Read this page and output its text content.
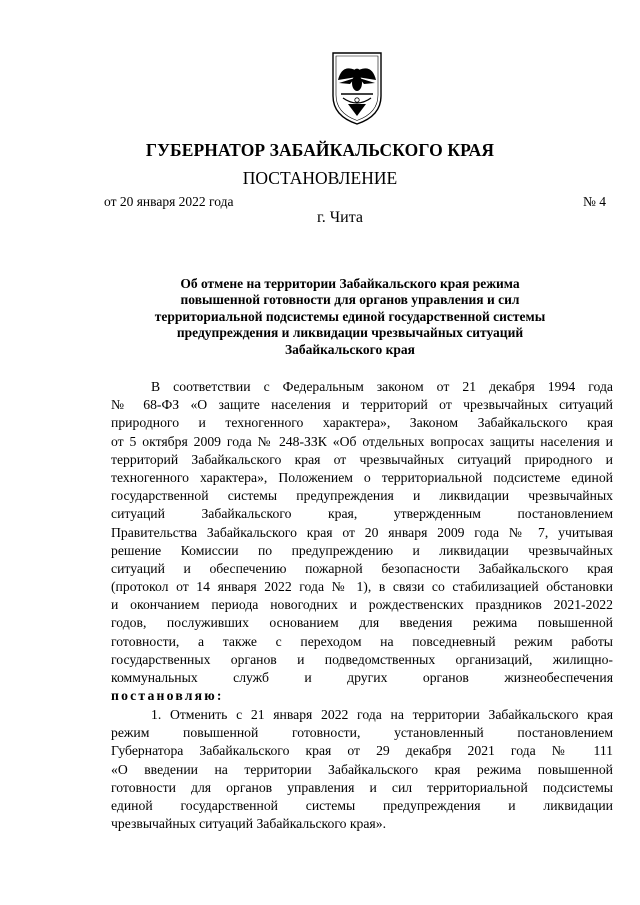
ГУБЕРНАТОР ЗАБАЙКАЛЬСКОГО КРАЯ
ПОСТАНОВЛЕНИЕ
от 20 января 2022 года	№ 4
г. Чита
Об отмене на территории Забайкальского края режима
повышенной готовности для органов управления и сил
территориальной подсистемы единой государственной системы
предупреждения и ликвидации чрезвычайных ситуаций
Забайкальского края
В соответствии с Федеральным законом от 21 декабря 1994 года
№ 68-ФЗ «О защите населения и территорий от чрезвычайных ситуаций
природного и техногенного характера», Законом Забайкальского края
от 5 октября 2009 года № 248-ЗЗК «Об отдельных вопросах защиты населения и
территорий Забайкальского края от чрезвычайных ситуаций природного и
техногенного характера», Положением о территориальной подсистеме единой
государственной системы предупреждения и ликвидации чрезвычайных
ситуаций Забайкальского края, утвержденным постановлением
Правительства Забайкальского края от 20 января 2009 года № 7, учитывая
решение Комиссии по предупреждению и ликвидации чрезвычайных
ситуаций и обеспечению пожарной безопасности Забайкальского края
(протокол от 14 января 2022 года № 1), в связи со стабилизацией обстановки
и окончанием периода новогодних и рождественских праздников 2021-2022
годов, послуживших основанием для введения режима повышенной
готовности, а также с переходом на повседневный режим работы
государственных органов и подведомственных организаций, жилищно-
коммунальных служб и других органов жизнеобеспечения
постановляю:
1. Отменить с 21 января 2022 года на территории Забайкальского края
режим повышенной готовности, установленный постановлением
Губернатора Забайкальского края от 29 декабря 2021 года № 111
«О введении на территории Забайкальского края режима повышенной
готовности для органов управления и сил территориальной подсистемы
единой государственной системы предупреждения и ликвидации
чрезвычайных ситуаций Забайкальского края».
